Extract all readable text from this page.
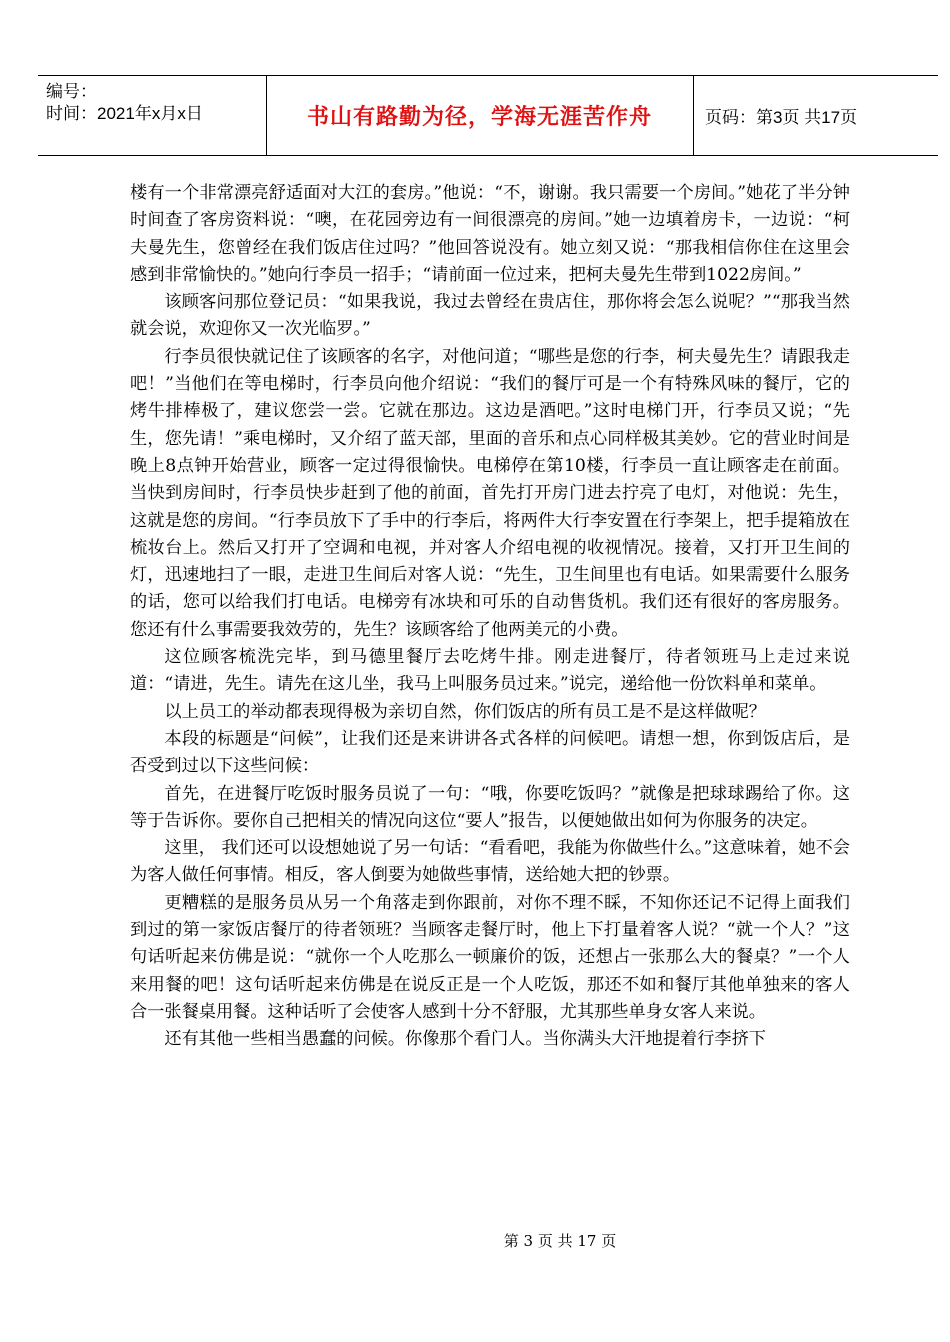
编号：
时间：2021年x月x日	书山有路勤为径，学海无涯苦作舟	页码：第3页 共17页

楼有一个非常漂亮舒适面对大江的套房。”他说：“不，谢谢。我只需要一个房间。”她花了半分钟时间查了客房资料说：“噢，在花园旁边有一间很漂亮的房间。”她一边填着房卡，一边说：“柯夫曼先生，您曾经在我们饭店住过吗？”他回答说没有。她立刻又说：“那我相信你住在这里会感到非常愉快的。”她向行李员一招手；“请前面一位过来，把柯夫曼先生带到1022房间。”

该顾客问那位登记员：“如果我说，我过去曾经在贵店住，那你将会怎么说呢？”“那我当然就会说，欢迎你又一次光临罗。”

行李员很快就记住了该顾客的名字，对他问道；“哪些是您的行李，柯夫曼先生？请跟我走吧！”当他们在等电梯时，行李员向他介绍说：“我们的餐厅可是一个有特殊风味的餐厅，它的烤牛排棒极了，建议您尝一尝。它就在那边。这边是酒吧。”这时电梯门开，行李员又说；“先生，您先请！”乘电梯时，又介绍了蓝天部，里面的音乐和点心同样极其美妙。它的营业时间是晚上8点钟开始营业，顾客一定过得很愉快。电梯停在第10楼，行李员一直让顾客走在前面。当快到房间时，行李员快步赶到了他的前面，首先打开房门进去拧亮了电灯，对他说：先生，这就是您的房间。“行李员放下了手中的行李后，将两件大行李安置在行李架上，把手提箱放在梳妆台上。然后又打开了空调和电视，并对客人介绍电视的收视情况。接着，又打开卫生间的灯，迅速地扫了一眼，走进卫生间后对客人说：“先生，卫生间里也有电话。如果需要什么服务的话，您可以给我们打电话。电梯旁有冰块和可乐的自动售货机。我们还有很好的客房服务。您还有什么事需要我效劳的，先生？该顾客给了他两美元的小费。

这位顾客梳洗完毕，到马德里餐厅去吃烤牛排。刚走进餐厅，待者领班马上走过来说道：“请进，先生。请先在这儿坐，我马上叫服务员过来。”说完，递给他一份饮料单和菜单。

以上员工的举动都表现得极为亲切自然，你们饭店的所有员工是不是这样做呢？

本段的标题是“问候”，让我们还是来讲讲各式各样的问候吧。请想一想，你到饭店后，是否受到过以下这些问候：

首先，在进餐厅吃饭时服务员说了一句：“哦，你要吃饭吗？”就像是把球球踢给了你。这等于告诉你。要你自己把相关的情况向这位“要人”报告，以便她做出如何为你服务的决定。

这里， 我们还可以设想她说了另一句话：“看看吧，我能为你做些什么。”这意味着，她不会为客人做任何事情。相反，客人倒要为她做些事情，送给她大把的钞票。

更糟糕的是服务员从另一个角落走到你跟前，对你不理不睬，不知你还记不记得上面我们到过的第一家饭店餐厅的待者领班？当顾客走餐厅时，他上下打量着客人说？“就一个人？”这句话听起来仿佛是说：“就你一个人吃那么一顿廉价的饭，还想占一张那么大的餐桌？”一个人来用餐的吧！这句话听起来仿佛是在说反正是一个人吃饭，那还不如和餐厅其他单独来的客人合一张餐桌用餐。这种话听了会使客人感到十分不舒服，尤其那些单身女客人来说。

还有其他一些相当愚蠢的问候。你像那个看门人。当你满头大汗地提着行李挤下

第 3 页 共 17 页
